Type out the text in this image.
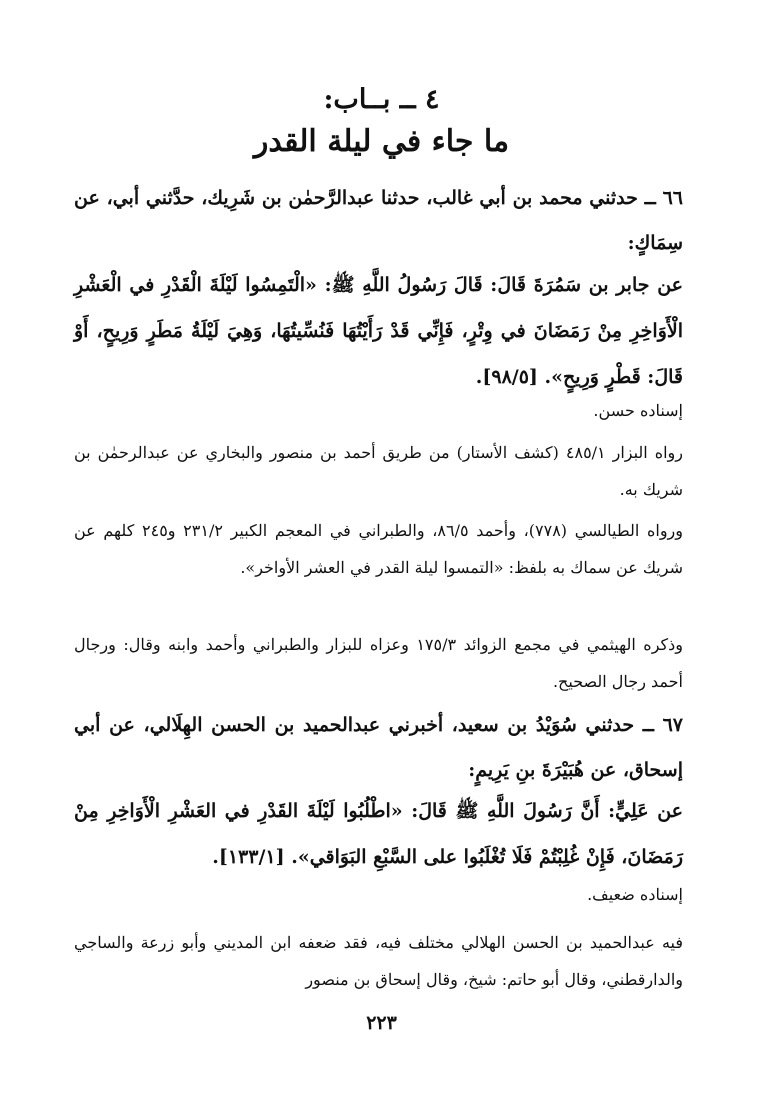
٤ ــ بــاب:
ما جاء في ليلة القدر

٦٦ ــ حدثني محمد بن أبي غالب، حدثنا عبدالرَّحمٰن بن شَرِيك، حدَّثني أبي، عن سِمَاكٍ:

عن جابر بن سَمُرَةَ قَالَ: قَالَ رَسُولُ اللَّهِ ﷺ: «الْتَمِسُوا لَيْلَةَ الْقَدْرِ في الْعَشْرِ الْأَوَاخِرِ مِنْ رَمَضَانَ في وِتْرٍ، فَإِنِّي قَدْ رَأَيْتُهَا فَنُسِّيتُهَا، وَهِيَ لَيْلَةُ مَطَرٍ وَرِيحٍ، أَوْ قَالَ: قَطْرٍ وَرِيحٍ». [٩٨/٥].

إسناده حسن.

رواه البزار ٤٨٥/١ (كشف الأستار) من طريق أحمد بن منصور والبخاري عن عبدالرحمٰن بن شريك به.

ورواه الطيالسي (٧٧٨)، وأحمد ٨٦/٥، والطبراني في المعجم الكبير ٢٣١/٢ و٢٤٥ كلهم عن شريك عن سماك به بلفظ: «التمسوا ليلة القدر في العشر الأواخر».

وذكره الهيثمي في مجمع الزوائد ١٧٥/٣ وعزاه للبزار والطبراني وأحمد وابنه وقال: ورجال أحمد رجال الصحيح.

٦٧ ــ حدثني سُوَيْدُ بن سعيد، أخبرني عبدالحميد بن الحسن الهِلَالي، عن أبي إسحاق، عن هُبَيْرَةَ بنِ يَرِيمٍ:

عن عَلِيٍّ: أَنَّ رَسُولَ اللَّهِ ﷺ قَالَ: «اطْلُبُوا لَيْلَةَ القَدْرِ في العَشْرِ الْأَوَاخِرِ مِنْ رَمَضَانَ، فَإِنْ غُلِبْتُمْ فَلَا تُغْلَبُوا على السَّبْعِ البَوَاقي». [١٣٣/١].

إسناده ضعيف.

فيه عبدالحميد بن الحسن الهلالي مختلف فيه، فقد ضعفه ابن المديني وأبو زرعة والساجي والدارقطني، وقال أبو حاتم: شيخ، وقال إسحاق بن منصور

٢٢٣
